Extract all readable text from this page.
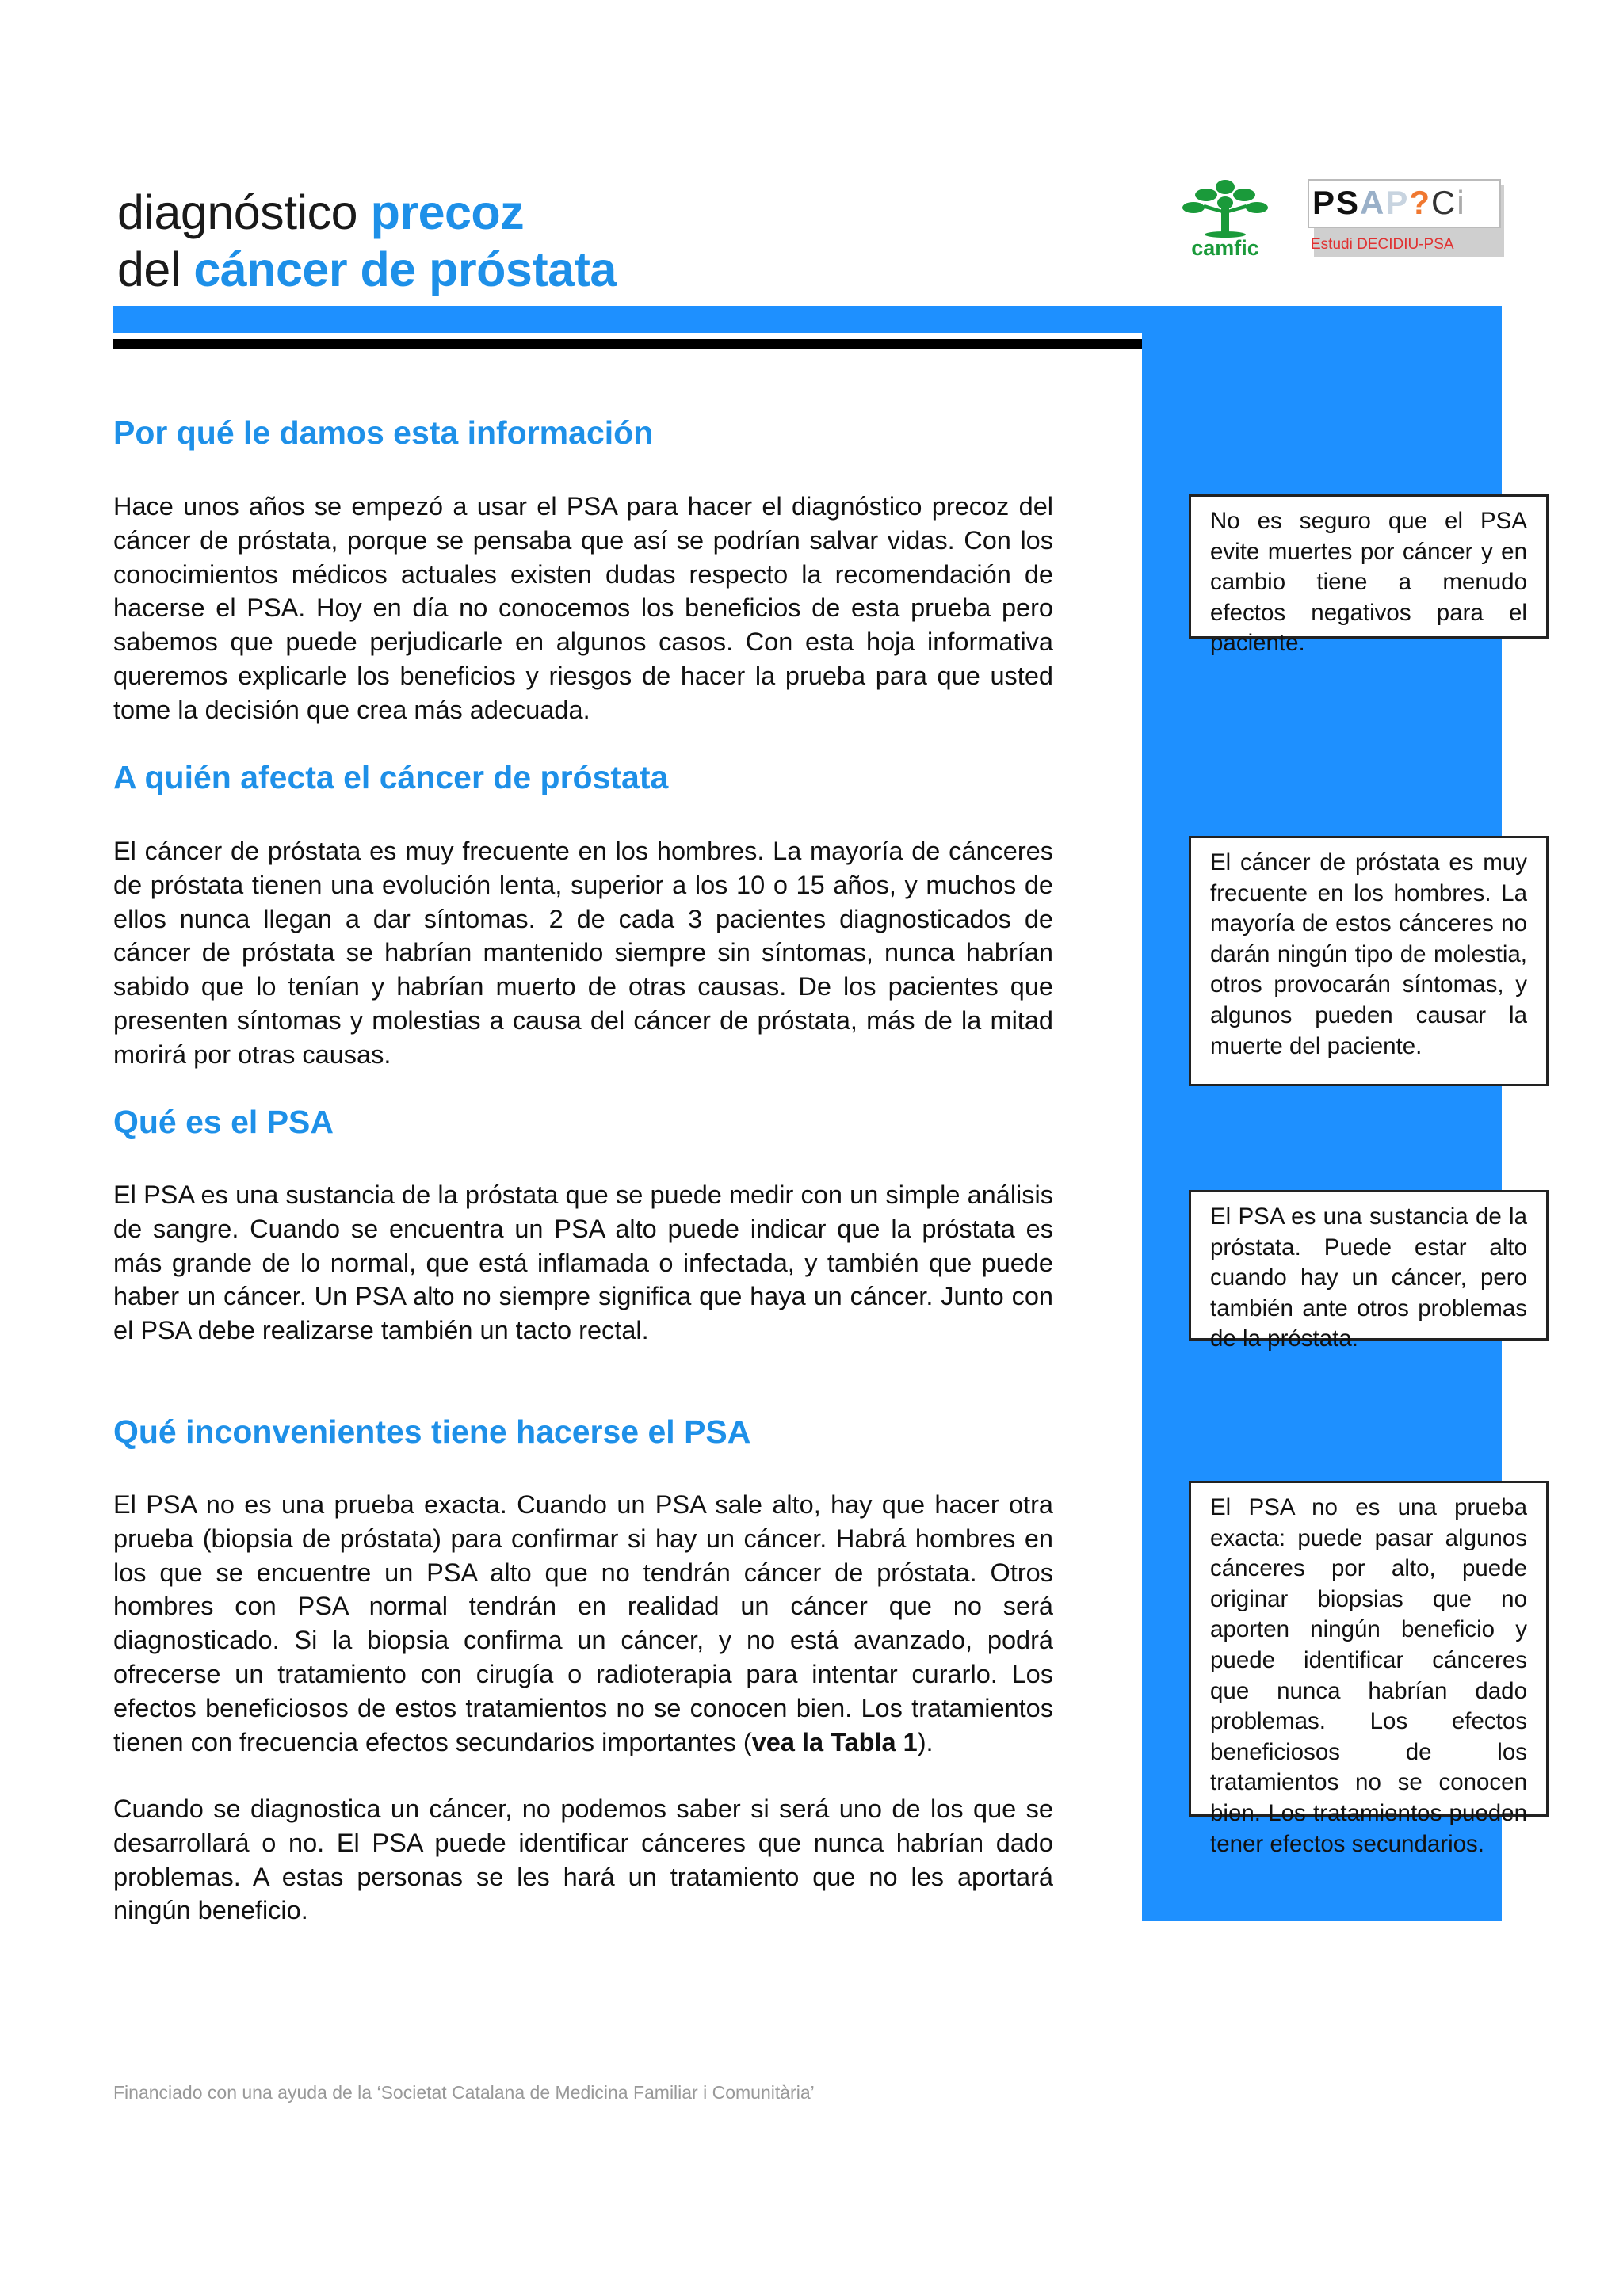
diagnóstico precoz
del cáncer de próstata	camfic
PSAP?Ci
Estudi DECIDIU-PSA
Por qué le damos esta información
Hace unos años se empezó a usar el PSA para hacer el diagnóstico precoz del cáncer de próstata, porque se pensaba que así se podrían salvar vidas. Con los conocimientos médicos actuales existen dudas respecto la recomendación de hacerse el PSA. Hoy en día no conocemos los beneficios de esta prueba pero sabemos que puede perjudicarle en algunos casos. Con esta hoja informativa queremos explicarle los beneficios y riesgos de hacer la prueba para que usted tome la decisión que crea más adecuada.
No es seguro que el PSA evite muertes por cáncer y en cambio tiene a menudo efectos negativos para el paciente.
A quién afecta el cáncer de próstata
El cáncer de próstata es muy frecuente en los hombres. La mayoría de cánceres de próstata tienen una evolución lenta, superior a los 10 o 15 años, y muchos de ellos nunca llegan a dar síntomas. 2 de cada 3 pacientes diagnosticados de cáncer de próstata se habrían mantenido siempre sin síntomas, nunca habrían sabido que lo tenían y habrían muerto de otras causas. De los pacientes que presenten síntomas y molestias a causa del cáncer de próstata, más de la mitad morirá por otras causas.
El cáncer de próstata es muy frecuente en los hombres. La mayoría de estos cánceres no darán ningún tipo de molestia, otros provocarán síntomas, y algunos pueden causar la muerte del paciente.
Qué es el PSA
El PSA es una sustancia de la próstata que se puede medir con un simple análisis de sangre. Cuando se encuentra un PSA alto puede indicar que la próstata es más grande de lo normal, que está inflamada o infectada, y también que puede haber un cáncer. Un PSA alto no siempre significa que haya un cáncer. Junto con el PSA debe realizarse también un tacto rectal.
El PSA es una sustancia de la próstata. Puede estar alto cuando hay un cáncer, pero también ante otros problemas de la próstata.
Qué inconvenientes tiene hacerse el PSA
El PSA no es una prueba exacta. Cuando un PSA sale alto, hay que hacer otra prueba (biopsia de próstata) para confirmar si hay un cáncer. Habrá hombres en los que se encuentre un PSA alto que no tendrán cáncer de próstata. Otros hombres con PSA normal tendrán en realidad un cáncer que no será diagnosticado. Si la biopsia confirma un cáncer, y no está avanzado, podrá ofrecerse un tratamiento con cirugía o radioterapia para intentar curarlo. Los efectos beneficiosos de estos tratamientos no se conocen bien. Los tratamientos tienen con frecuencia efectos secundarios importantes (vea la Tabla 1).
Cuando se diagnostica un cáncer, no podemos saber si será uno de los que se desarrollará o no. El PSA puede identificar cánceres que nunca habrían dado problemas. A estas personas se les hará un tratamiento que no les aportará ningún beneficio.
El PSA no es una prueba exacta: puede pasar algunos cánceres por alto, puede originar biopsias que no aporten ningún beneficio y puede identificar cánceres que nunca habrían dado problemas. Los efectos beneficiosos de los tratamientos no se conocen bien. Los tratamientos pueden tener efectos secundarios.
Financiado con una ayuda de la ‘Societat Catalana de Medicina Familiar i Comunitària’
